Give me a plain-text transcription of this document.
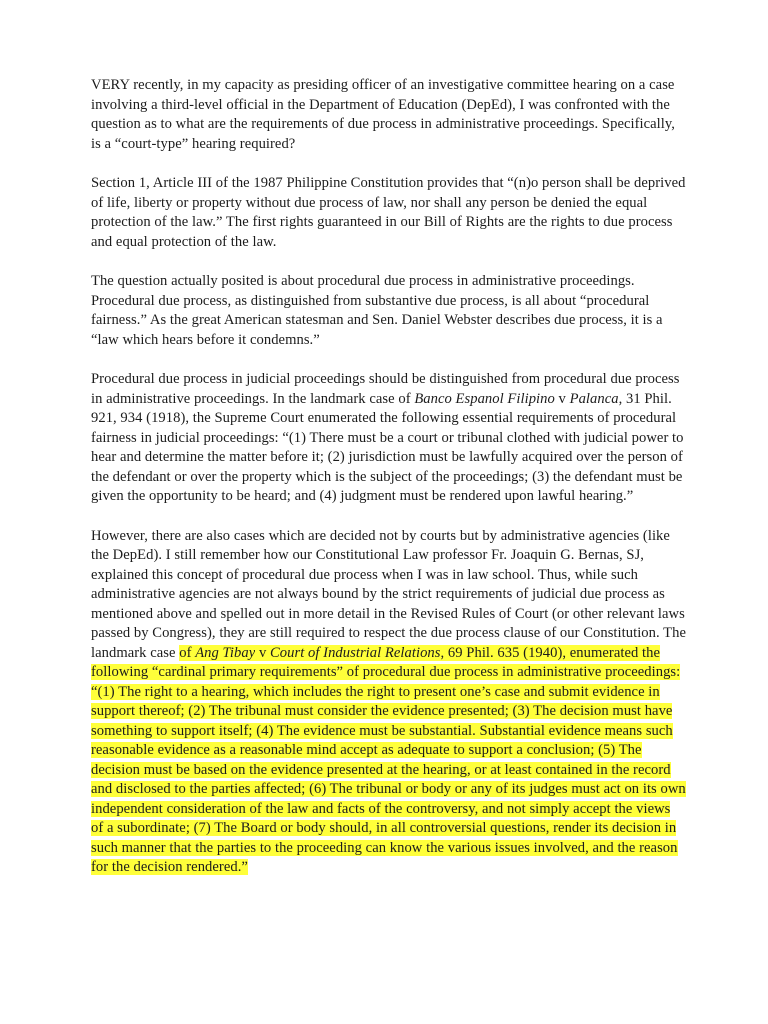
VERY recently, in my capacity as presiding officer of an investigative committee hearing on a case involving a third-level official in the Department of Education (DepEd), I was confronted with the question as to what are the requirements of due process in administrative proceedings. Specifically, is a “court-type” hearing required?

Section 1, Article III of the 1987 Philippine Constitution provides that “(n)o person shall be deprived of life, liberty or property without due process of law, nor shall any person be denied the equal protection of the law.” The first rights guaranteed in our Bill of Rights are the rights to due process and equal protection of the law.

The question actually posited is about procedural due process in administrative proceedings. Procedural due process, as distinguished from substantive due process, is all about “procedural fairness.” As the great American statesman and Sen. Daniel Webster describes due process, it is a “law which hears before it condemns.”

Procedural due process in judicial proceedings should be distinguished from procedural due process in administrative proceedings. In the landmark case of Banco Espanol Filipino v Palanca, 31 Phil. 921, 934 (1918), the Supreme Court enumerated the following essential requirements of procedural fairness in judicial proceedings: “(1) There must be a court or tribunal clothed with judicial power to hear and determine the matter before it; (2) jurisdiction must be lawfully acquired over the person of the defendant or over the property which is the subject of the proceedings; (3) the defendant must be given the opportunity to be heard; and (4) judgment must be rendered upon lawful hearing.”

However, there are also cases which are decided not by courts but by administrative agencies (like the DepEd). I still remember how our Constitutional Law professor Fr. Joaquin G. Bernas, SJ, explained this concept of procedural due process when I was in law school. Thus, while such administrative agencies are not always bound by the strict requirements of judicial due process as mentioned above and spelled out in more detail in the Revised Rules of Court (or other relevant laws passed by Congress), they are still required to respect the due process clause of our Constitution. The landmark case of Ang Tibay v Court of Industrial Relations, 69 Phil. 635 (1940), enumerated the following “cardinal primary requirements” of procedural due process in administrative proceedings: “(1) The right to a hearing, which includes the right to present one’s case and submit evidence in support thereof; (2) The tribunal must consider the evidence presented; (3) The decision must have something to support itself; (4) The evidence must be substantial. Substantial evidence means such reasonable evidence as a reasonable mind accept as adequate to support a conclusion; (5) The decision must be based on the evidence presented at the hearing, or at least contained in the record and disclosed to the parties affected; (6) The tribunal or body or any of its judges must act on its own independent consideration of the law and facts of the controversy, and not simply accept the views of a subordinate; (7) The Board or body should, in all controversial questions, render its decision in such manner that the parties to the proceeding can know the various issues involved, and the reason for the decision rendered.”
